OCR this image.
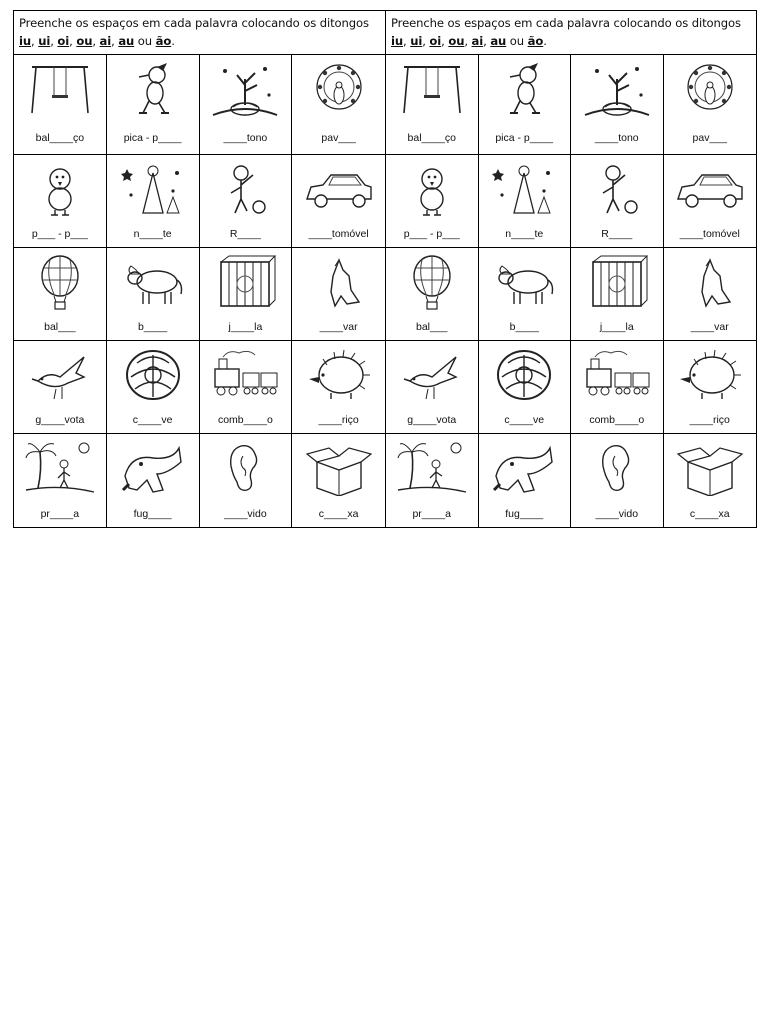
Preenche os espaços em cada palavra colocando os ditongos iu, ui, oi, ou, ai, au ou ão.
bal____ço	pica - p____	____tono	pav___
p___ - p___	n____te	R____	____tomóvel
bal___	b____	j____la	____var
g____vota	c____ve	comb____o	____riço
pr____a	fug____	____vido	c____xa
Preenche os espaços em cada palavra colocando os ditongos iu, ui, oi, ou, ai, au ou ão.
bal____ço	pica - p____	____tono	pav___
p___ - p___	n____te	R____	____tomóvel
bal___	b____	j____la	____var
g____vota	c____ve	comb____o	____riço
pr____a	fug____	____vido	c____xa
